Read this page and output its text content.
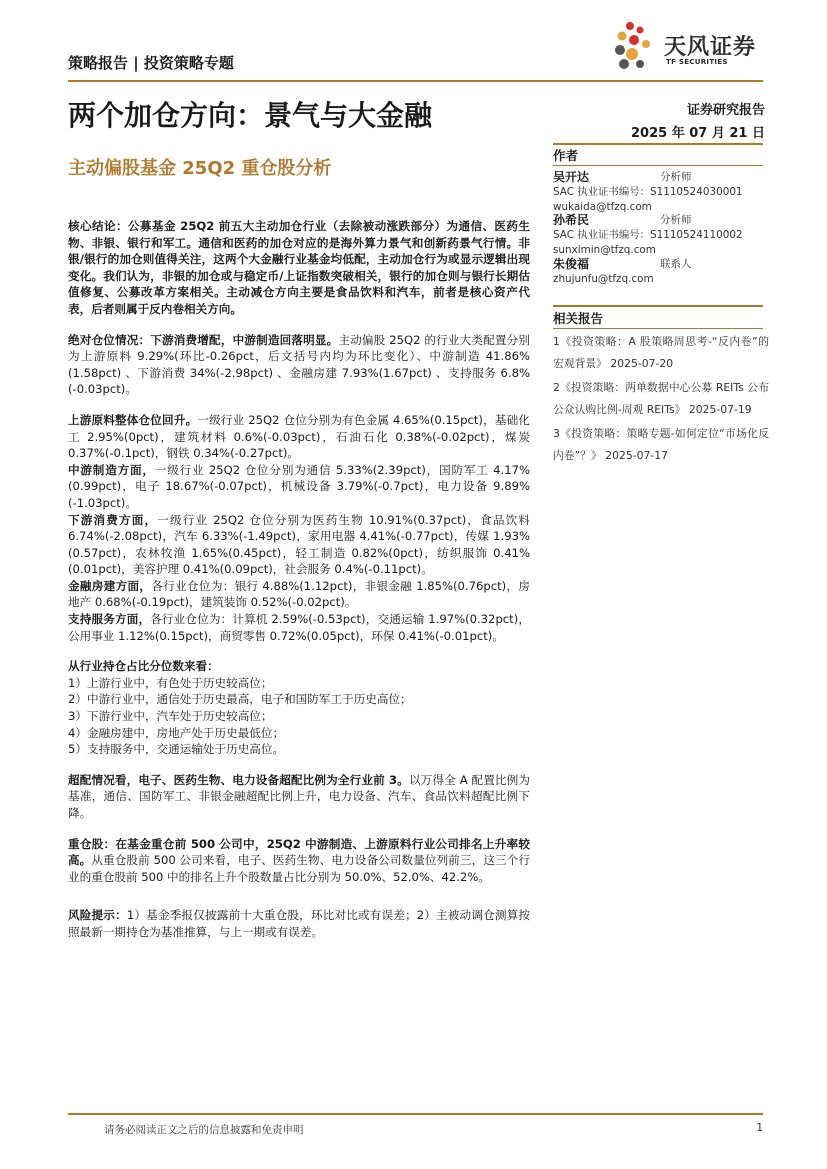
策略报告 | 投资策略专题
天风证券
TF SECURITIES
两个加仓方向：景气与大金融
主动偏股基金 25Q2 重仓股分析
证券研究报告
2025 年 07 月 21 日
作者
吴开达	分析师
SAC 执业证书编号：S1110524030001
wukaida@tfzq.com
孙希民	分析师
SAC 执业证书编号：S1110524110002
sunximin@tfzq.com
朱俊福	联系人
zhujunfu@tfzq.com
相关报告

1《投资策略：A 股策略周思考-“反内卷”的宏观背景》 2025-07-20

2《投资策略：两单数据中心公募 REITs 公布公众认购比例-周观 REITs》 2025-07-19

3《投资策略：策略专题-如何定位“市场化反内卷”？》 2025-07-17

核心结论：公募基金 25Q2 前五大主动加仓行业（去除被动涨跌部分）为通信、医药生物、非银、银行和军工。通信和医药的加仓对应的是海外算力景气和创新药景气行情。非银/银行的加仓则值得关注，这两个大金融行业基金均低配，主动加仓行为或显示逻辑出现变化。我们认为，非银的加仓或与稳定币/上证指数突破相关，银行的加仓则与银行长期估值修复、公募改革方案相关。主动减仓方向主要是食品饮料和汽车，前者是核心资产代表，后者则属于反内卷相关方向。

绝对仓位情况：下游消费增配，中游制造回落明显。主动偏股 25Q2 的行业大类配置分别为上游原料 9.29%(环比-0.26pct，后文括号内均为环比变化）、中游制造 41.86%(1.58pct) 、下游消费 34%(-2.98pct) 、金融房建 7.93%(1.67pct) 、支持服务 6.8%(-0.03pct)。

上游原料整体仓位回升。一级行业 25Q2 仓位分别为有色金属 4.65%(0.15pct)，基础化工 2.95%(0pct)，建筑材料 0.6%(-0.03pct)，石油石化 0.38%(-0.02pct)，煤炭 0.37%(-0.1pct)，钢铁 0.34%(-0.27pct)。

中游制造方面，一级行业 25Q2 仓位分别为通信 5.33%(2.39pct)，国防军工 4.17%(0.99pct)，电子 18.67%(-0.07pct)，机械设备 3.79%(-0.7pct)，电力设备 9.89%(-1.03pct)。

下游消费方面，一级行业 25Q2 仓位分别为医药生物 10.91%(0.37pct)，食品饮料 6.74%(-2.08pct)，汽车 6.33%(-1.49pct)，家用电器 4.41%(-0.77pct)，传媒 1.93%(0.57pct)，农林牧渔 1.65%(0.45pct)，轻工制造 0.82%(0pct)，纺织服饰 0.41%(0.01pct)，美容护理 0.41%(0.09pct)，社会服务 0.4%(-0.11pct)。

金融房建方面，各行业仓位为：银行 4.88%(1.12pct)，非银金融 1.85%(0.76pct)，房地产 0.68%(-0.19pct)，建筑装饰 0.52%(-0.02pct)。

支持服务方面，各行业仓位为：计算机 2.59%(-0.53pct)，交通运输 1.97%(0.32pct)，公用事业 1.12%(0.15pct)，商贸零售 0.72%(0.05pct)，环保 0.41%(-0.01pct)。

从行业持仓占比分位数来看：

1）上游行业中，有色处于历史较高位；

2）中游行业中，通信处于历史最高，电子和国防军工于历史高位；

3）下游行业中，汽车处于历史较高位；

4）金融房建中，房地产处于历史最低位；

5）支持服务中，交通运输处于历史高位。

超配情况看，电子、医药生物、电力设备超配比例为全行业前 3。以万得全 A 配置比例为基准，通信、国防军工、非银金融超配比例上升，电力设备、汽车、食品饮料超配比例下降。

重仓股：在基金重仓前 500 公司中，25Q2 中游制造、上游原料行业公司排名上升率较高。从重仓股前 500 公司来看，电子、医药生物、电力设备公司数量位列前三，这三个行业的重仓股前 500 中的排名上升个股数量占比分别为 50.0%、52.0%、42.2%。

风险提示：1）基金季报仅披露前十大重仓股，环比对比或有误差；2）主被动调仓测算按照最新一期持仓为基准推算，与上一期或有误差。

请务必阅读正文之后的信息披露和免责申明	1
